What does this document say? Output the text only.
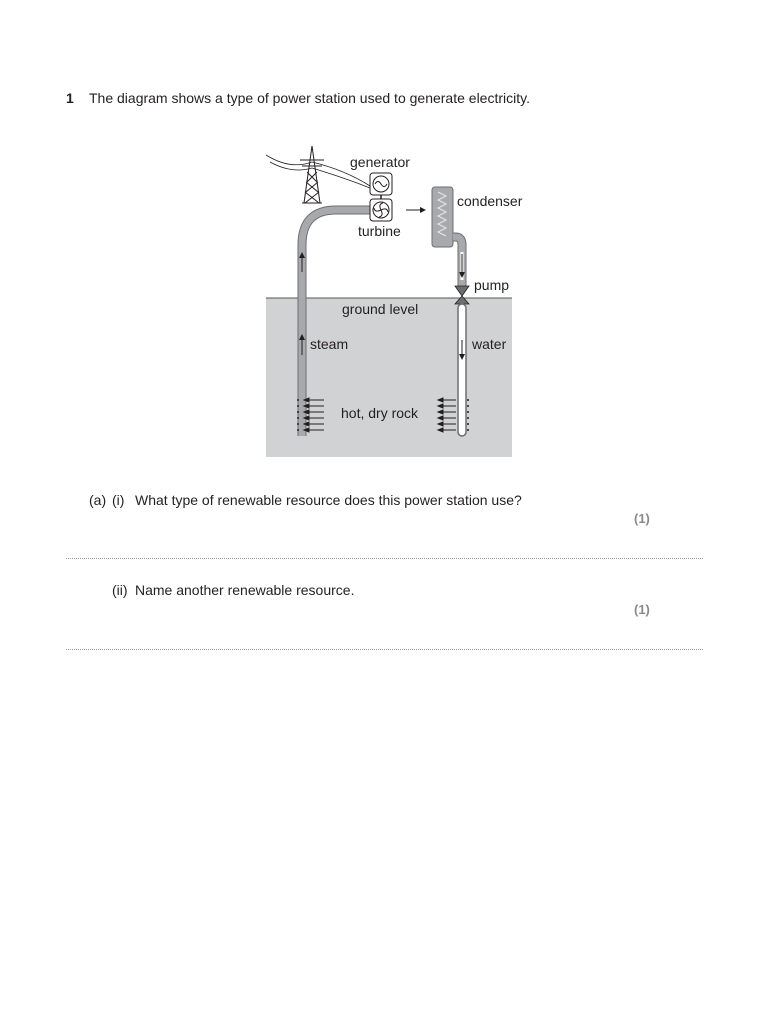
1 The diagram shows a type of power station used to generate electricity.
generator
condenser
turbine
pump
ground level
steam	water
hot, dry rock
(a) (i) What type of renewable resource does this power station use?
(1)
(ii) Name another renewable resource.
(1)
